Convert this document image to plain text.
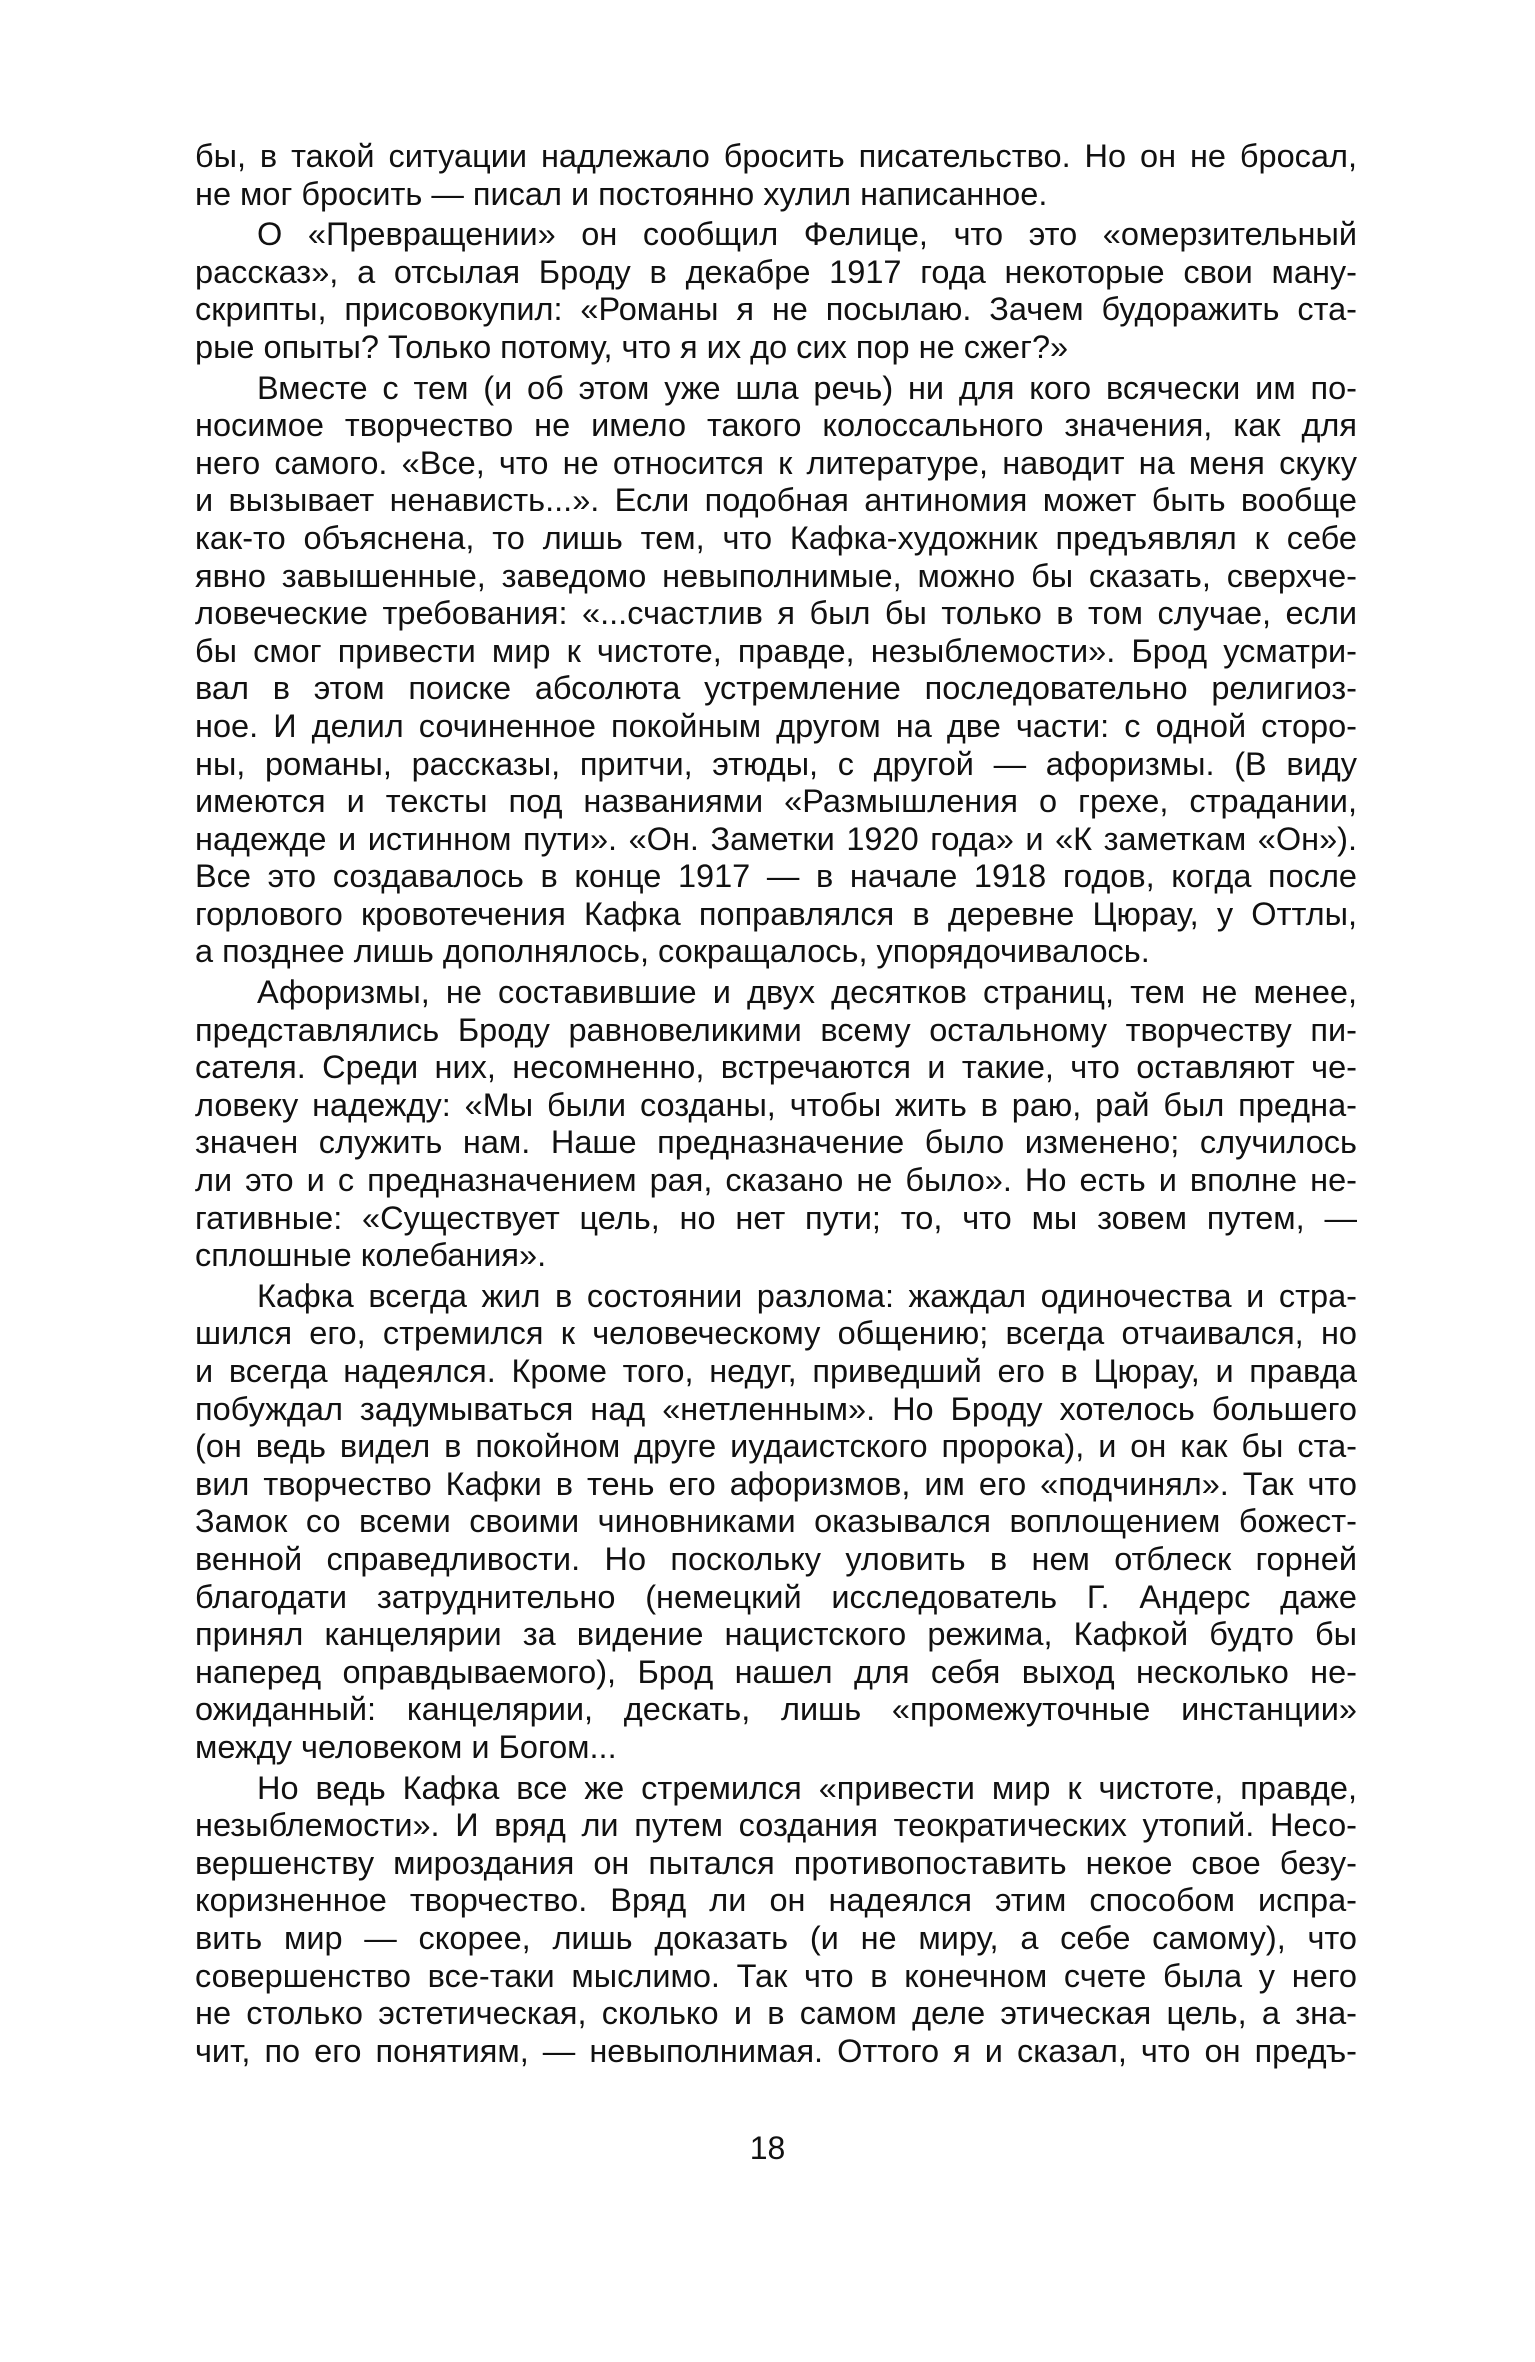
бы, в такой ситуации надлежало бросить писательство. Но он не бросал,
не мог бросить — писал и постоянно хулил написанное.
О «Превращении» он сообщил Фелице, что это «омерзительный
рассказ», а отсылая Броду в декабре 1917 года некоторые свои ману-
скрипты, присовокупил: «Романы я не посылаю. Зачем будоражить ста-
рые опыты? Только потому, что я их до сих пор не сжег?»
Вместе с тем (и об этом уже шла речь) ни для кого всячески им по-
носимое творчество не имело такого колоссального значения, как для
него самого. «Все, что не относится к литературе, наводит на меня скуку
и вызывает ненависть...». Если подобная антиномия может быть вообще
как-то объяснена, то лишь тем, что Кафка-художник предъявлял к себе
явно завышенные, заведомо невыполнимые, можно бы сказать, сверхче-
ловеческие требования: «...счастлив я был бы только в том случае, если
бы смог привести мир к чистоте, правде, незыблемости». Брод усматри-
вал в этом поиске абсолюта устремление последовательно религиоз-
ное. И делил сочиненное покойным другом на две части: с одной сторо-
ны, романы, рассказы, притчи, этюды, с другой — афоризмы. (В виду
имеются и тексты под названиями «Размышления о грехе, страдании,
надежде и истинном пути». «Он. Заметки 1920 года» и «К заметкам «Он»).
Все это создавалось в конце 1917 — в начале 1918 годов, когда после
горлового кровотечения Кафка поправлялся в деревне Цюрау, у Оттлы,
а позднее лишь дополнялось, сокращалось, упорядочивалось.
Афоризмы, не составившие и двух десятков страниц, тем не менее,
представлялись Броду равновеликими всему остальному творчеству пи-
сателя. Среди них, несомненно, встречаются и такие, что оставляют че-
ловеку надежду: «Мы были созданы, чтобы жить в раю, рай был предна-
значен служить нам. Наше предназначение было изменено; случилось
ли это и с предназначением рая, сказано не было». Но есть и вполне не-
гативные: «Существует цель, но нет пути; то, что мы зовем путем, —
сплошные колебания».
Кафка всегда жил в состоянии разлома: жаждал одиночества и стра-
шился его, стремился к человеческому общению; всегда отчаивался, но
и всегда надеялся. Кроме того, недуг, приведший его в Цюрау, и правда
побуждал задумываться над «нетленным». Но Броду хотелось большего
(он ведь видел в покойном друге иудаистского пророка), и он как бы ста-
вил творчество Кафки в тень его афоризмов, им его «подчинял». Так что
Замок со всеми своими чиновниками оказывался воплощением божест-
венной справедливости. Но поскольку уловить в нем отблеск горней
благодати затруднительно (немецкий исследователь Г. Андерс даже
принял канцелярии за видение нацистского режима, Кафкой будто бы
наперед оправдываемого), Брод нашел для себя выход несколько не-
ожиданный: канцелярии, дескать, лишь «промежуточные инстанции»
между человеком и Богом...
Но ведь Кафка все же стремился «привести мир к чистоте, правде,
незыблемости». И вряд ли путем создания теократических утопий. Несо-
вершенству мироздания он пытался противопоставить некое свое безу-
коризненное творчество. Вряд ли он надеялся этим способом испра-
вить мир — скорее, лишь доказать (и не миру, а себе самому), что
совершенство все-таки мыслимо. Так что в конечном счете была у него
не столько эстетическая, сколько и в самом деле этическая цель, а зна-
чит, по его понятиям, — невыполнимая. Оттого я и сказал, что он предъ-
18
